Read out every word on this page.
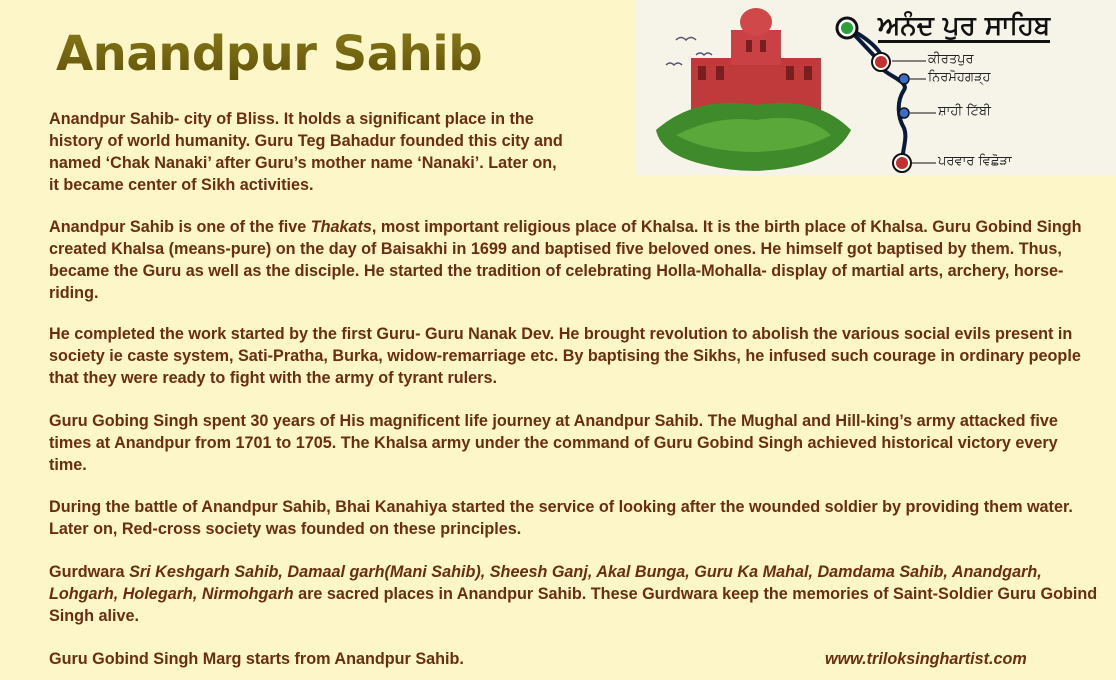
Anandpur Sahib	ਅਨੰਦ ਪੁਰ ਸਾਹਿਬ
ਕੀਰਤਪੁਰ
ਨਿਰਮੋਹਗੜ੍ਹ
ਸ਼ਾਹੀ ਟਿੱਬੀ
ਪਰਵਾਰ ਵਿਛੋੜਾ

Anandpur Sahib- city of Bliss. It holds a significant place in the history of world humanity. Guru Teg Bahadur founded this city and named ‘Chak Nanaki’ after Guru’s mother name ‘Nanaki’. Later on, it became center of Sikh activities.

Anandpur Sahib is one of the five Thakats, most important religious place of Khalsa. It is the birth place of Khalsa. Guru Gobind Singh created Khalsa (means-pure) on the day of Baisakhi in 1699 and baptised five beloved ones. He himself got baptised by them. Thus, became the Guru as well as the disciple. He started the tradition of celebrating Holla-Mohalla- display of martial arts, archery, horse-riding.

He completed the work started by the first Guru- Guru Nanak Dev. He brought revolution to abolish the various social evils present in society ie caste system, Sati-Pratha, Burka, widow-remarriage etc. By baptising the Sikhs, he infused such courage in ordinary people that they were ready to fight with the army of tyrant rulers.

Guru Gobing Singh spent 30 years of His magnificent life journey at Anandpur Sahib. The Mughal and Hill-king’s army attacked five times at Anandpur from 1701 to 1705. The Khalsa army under the command of Guru Gobind Singh achieved historical victory every time.

During the battle of Anandpur Sahib, Bhai Kanahiya started the service of looking after the wounded soldier by providing them water. Later on, Red-cross society was founded on these principles.

Gurdwara Sri Keshgarh Sahib, Damaal garh(Mani Sahib), Sheesh Ganj, Akal Bunga, Guru Ka Mahal, Damdama Sahib, Anandgarh, Lohgarh, Holegarh, Nirmohgarh are sacred places in Anandpur Sahib. These Gurdwara keep the memories of Saint-Soldier Guru Gobind Singh alive.

Guru Gobind Singh Marg starts from Anandpur Sahib.	www.triloksinghartist.com
